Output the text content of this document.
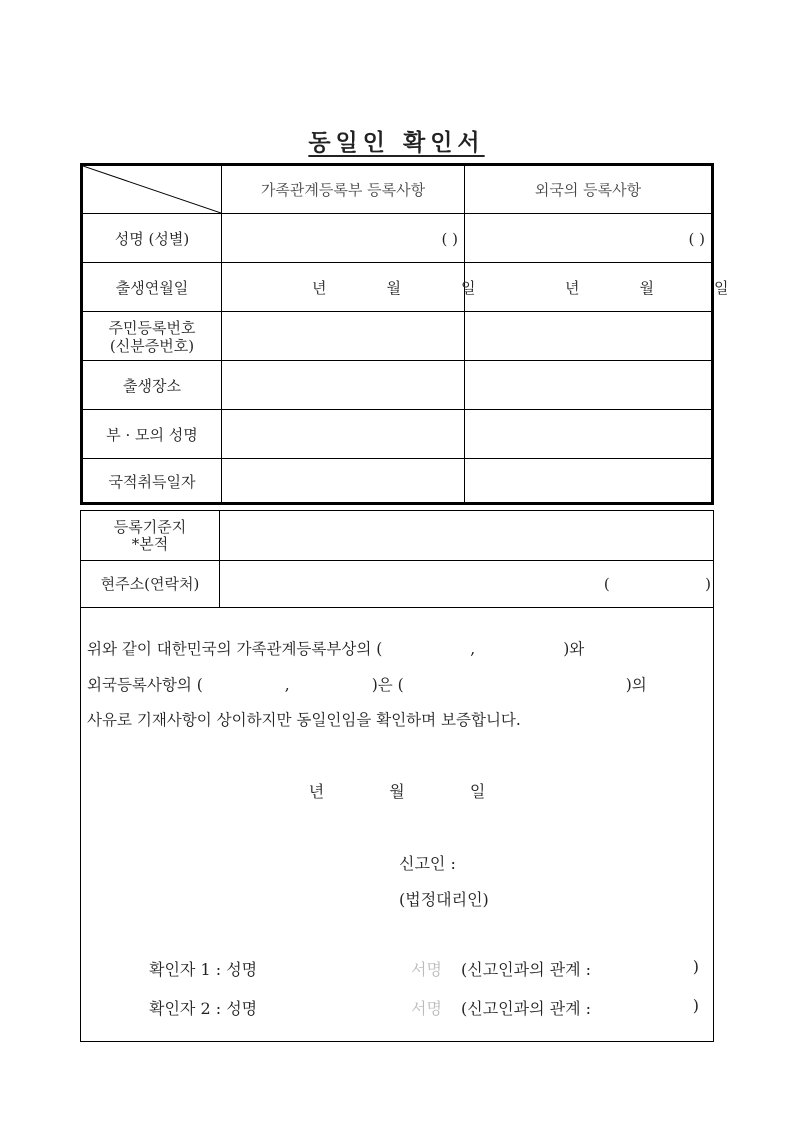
동일인 확인서
가족관계등록부 등록사항	외국의 등록사항
성명 (성별)	( )	( )
출생연월일	년	월	일	년	월	일
주민등록번호
(신분증번호)
출생장소
부 · 모의 성명
국적취득일자
등록기준지
*본적
현주소(연락처)	(                    )
위와 같이 대한민국의 가족관계등록부상의 (	,	)와
외국등록사항의 (	,	)은 (	)의
사유로 기재사항이 상이하지만 동일인임을 확인하며 보증합니다.
년	월	일
신고인 :
(법정대리인)
확인자 1 : 성명	서명	(신고인과의 관계 :	)
확인자 2 : 성명	서명	(신고인과의 관계 :	)
